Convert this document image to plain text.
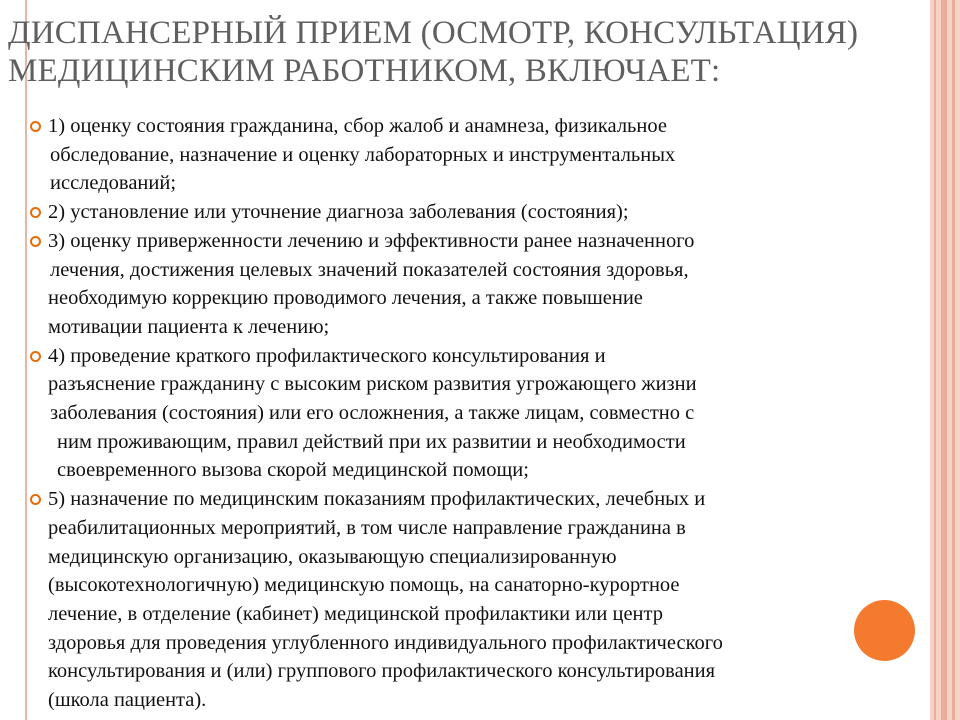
ДИСПАНСЕРНЫЙ ПРИЕМ (ОСМОТР, КОНСУЛЬТАЦИЯ)
МЕДИЦИНСКИМ РАБОТНИКОМ, ВКЛЮЧАЕТ:
1) оценку состояния гражданина, сбор жалоб и анамнеза, физикальное
обследование, назначение и оценку лабораторных и инструментальных
исследований;
2) установление или уточнение диагноза заболевания (состояния);
3) оценку приверженности лечению и эффективности ранее назначенного
лечения, достижения целевых значений показателей состояния здоровья,
необходимую коррекцию проводимого лечения, а также повышение
мотивации пациента к лечению;
4) проведение краткого профилактического консультирования и
разъяснение гражданину с высоким риском развития угрожающего жизни
заболевания (состояния) или его осложнения, а также лицам, совместно с
ним проживающим, правил действий при их развитии и необходимости
своевременного вызова скорой медицинской помощи;
5) назначение по медицинским показаниям профилактических, лечебных и
реабилитационных мероприятий, в том числе направление гражданина в
медицинскую организацию, оказывающую специализированную
(высокотехнологичную) медицинскую помощь, на санаторно-курортное
лечение, в отделение (кабинет) медицинской профилактики или центр
здоровья для проведения углубленного индивидуального профилактического
консультирования и (или) группового профилактического консультирования
(школа пациента).
